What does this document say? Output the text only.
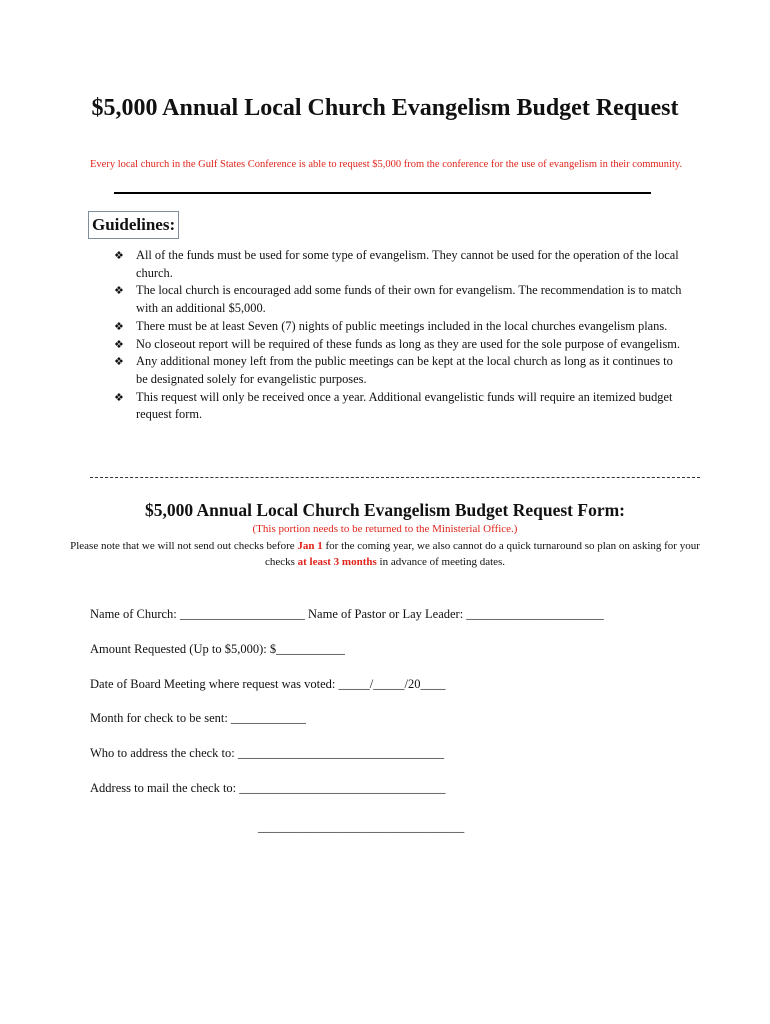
$5,000 Annual Local Church Evangelism Budget Request
Every local church in the Gulf States Conference is able to request $5,000 from the conference for the use of evangelism in their community.
Guidelines:
❖ All of the funds must be used for some type of evangelism. They cannot be used for the operation of the local church.
❖ The local church is encouraged add some funds of their own for evangelism. The recommendation is to match with an additional $5,000.
❖ There must be at least Seven (7) nights of public meetings included in the local churches evangelism plans.
❖ No closeout report will be required of these funds as long as they are used for the sole purpose of evangelism.
❖ Any additional money left from the public meetings can be kept at the local church as long as it continues to be designated solely for evangelistic purposes.
❖ This request will only be received once a year. Additional evangelistic funds will require an itemized budget request form.
$5,000 Annual Local Church Evangelism Budget Request Form:
(This portion needs to be returned to the Ministerial Office.)
Please note that we will not send out checks before Jan 1 for the coming year, we also cannot do a quick turnaround so plan on asking for your checks at least 3 months in advance of meeting dates.
Name of Church: ____________________ Name of Pastor or Lay Leader: ______________________
Amount Requested (Up to $5,000): $___________
Date of Board Meeting where request was voted: _____/_____/20____
Month for check to be sent: ____________
Who to address the check to: _________________________________
Address to mail the check to: _________________________________
_________________________________
